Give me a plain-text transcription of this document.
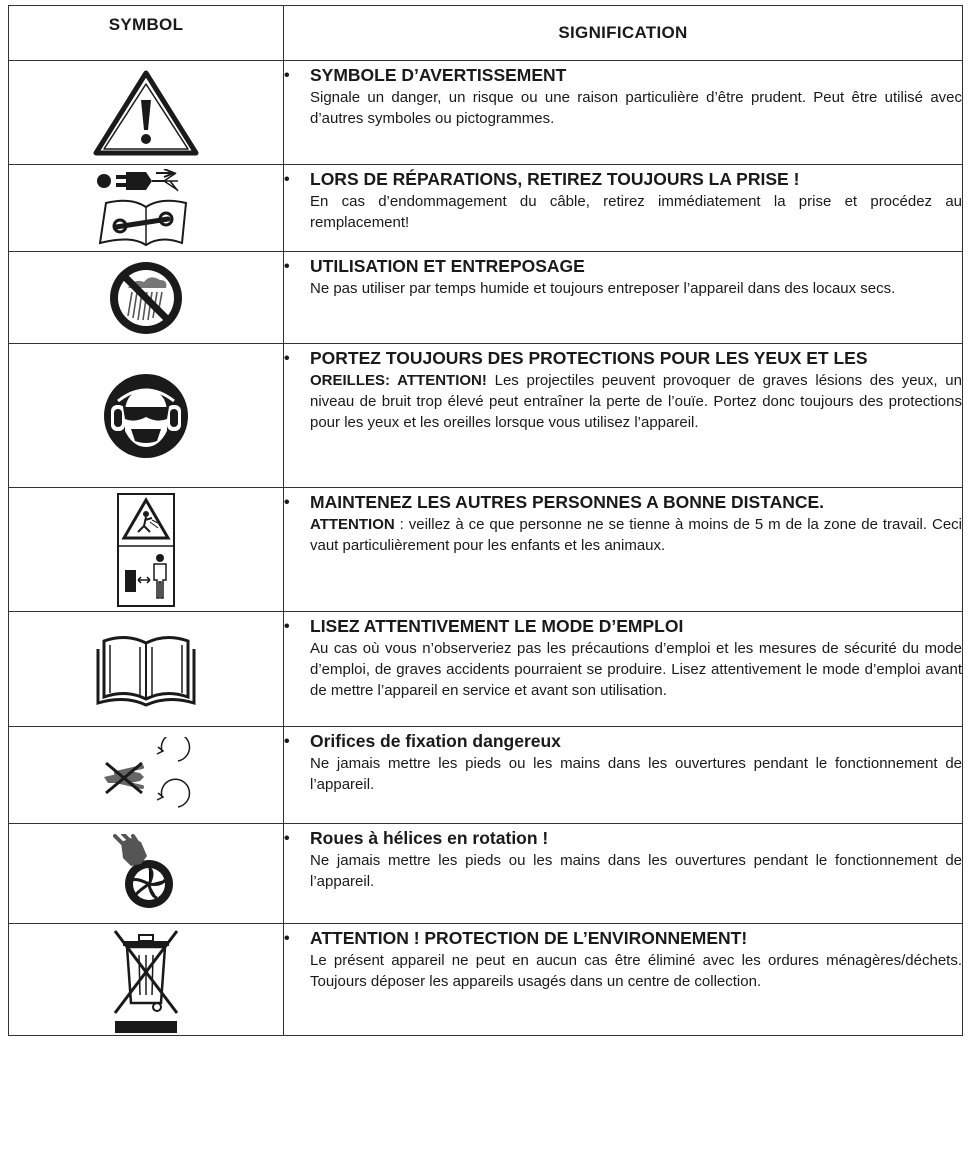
SYMBOL	SIGNIFICATION

• SYMBOLE D’AVERTISSEMENT
Signale un danger, un risque ou une raison particulière d’être prudent. Peut être utilisé avec d’autres symboles ou pictogrammes.

• LORS DE RÉPARATIONS, RETIREZ TOUJOURS LA PRISE !
En cas d’endommagement du câble, retirez immédiatement la prise et procédez au remplacement!

• UTILISATION ET ENTREPOSAGE
Ne pas utiliser par temps humide et toujours entreposer l’appareil dans des locaux secs.

• PORTEZ TOUJOURS DES PROTECTIONS POUR LES YEUX ET LES
OREILLES: ATTENTION! Les projectiles peuvent provoquer de graves lésions des yeux, un niveau de bruit trop élevé peut entraîner la perte de l’ouïe. Portez donc toujours des protections pour les yeux et les oreilles lorsque vous utilisez l’appareil.

• MAINTENEZ LES AUTRES PERSONNES A BONNE DISTANCE.
ATTENTION : veillez à ce que personne ne se tienne à moins de 5 m de la zone de travail. Ceci vaut particulièrement pour les enfants et les animaux.

• LISEZ ATTENTIVEMENT LE MODE D’EMPLOI
Au cas où vous n’observeriez pas les précautions d’emploi et les mesures de sécurité du mode d’emploi, de graves accidents pourraient se produire. Lisez attentivement le mode d’emploi avant de mettre l’appareil en service et avant son utilisation.

• Orifices de fixation dangereux
Ne jamais mettre les pieds ou les mains dans les ouvertures pendant le fonctionnement de l’appareil.

• Roues à hélices en rotation !
Ne jamais mettre les pieds ou les mains dans les ouvertures pendant le fonctionnement de l’appareil.

• ATTENTION ! PROTECTION DE L’ENVIRONNEMENT!
Le présent appareil ne peut en aucun cas être éliminé avec les ordures ménagères/déchets. Toujours déposer les appareils usagés dans un centre de collection.
